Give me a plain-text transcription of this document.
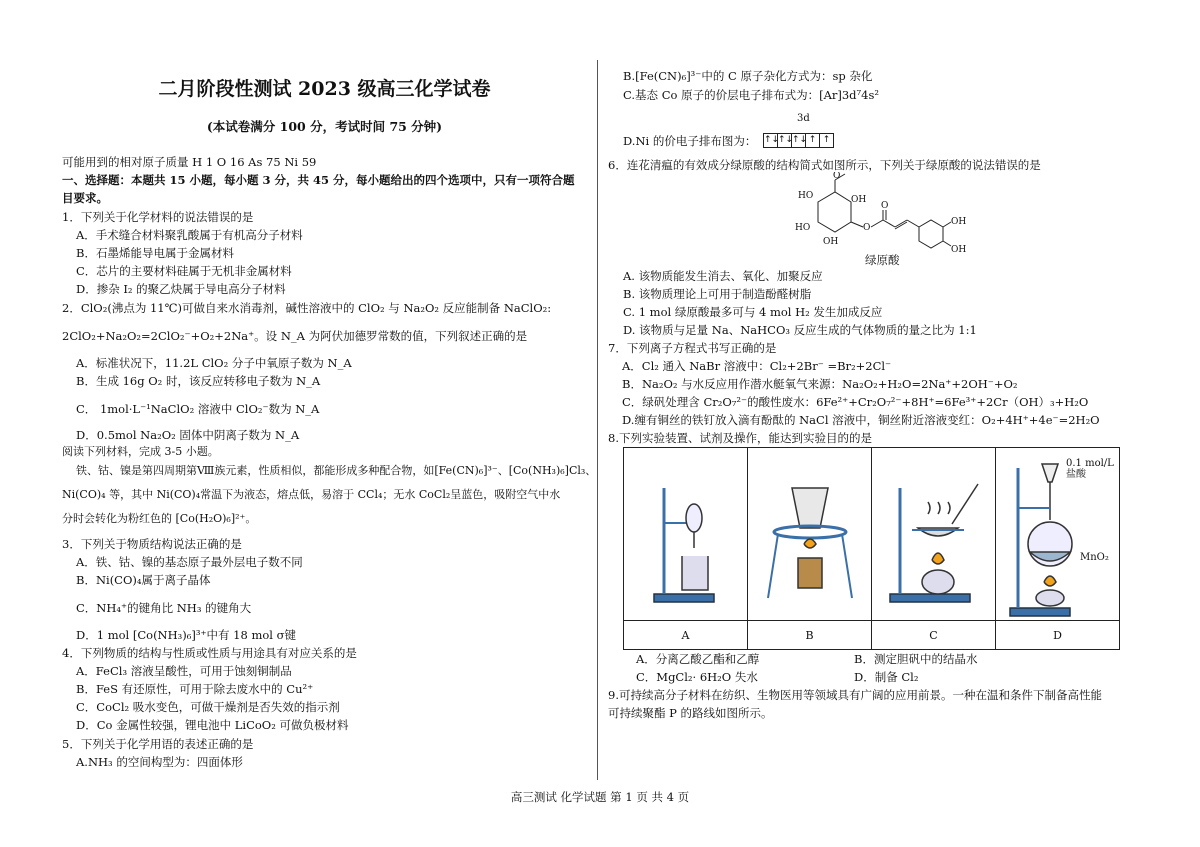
二月阶段性测试 2023 级高三化学试卷
(本试卷满分 100 分，考试时间 75 分钟)
可能用到的相对原子质量 H 1 O 16 As 75 Ni 59
一、选择题：本题共 15 小题，每小题 3 分，共 45 分，每小题给出的四个选项中，只有一项符合题
目要求。
1．下列关于化学材料的说法错误的是
A．手术缝合材料聚乳酸属于有机高分子材料
B．石墨烯能导电属于金属材料
C．芯片的主要材料硅属于无机非金属材料
D．掺杂 I₂ 的聚乙炔属于导电高分子材料
2．ClO₂(沸点为 11℃)可做自来水消毒剂，碱性溶液中的 ClO₂ 与 Na₂O₂ 反应能制备 NaClO₂:
2ClO₂+Na₂O₂=2ClO₂⁻+O₂+2Na⁺。设 N_A 为阿伏加德罗常数的值，下列叙述正确的是
A．标准状况下，11.2L ClO₂ 分子中氧原子数为 N_A
B．生成 16g O₂ 时，该反应转移电子数为 N_A
C． 1mol·L⁻¹NaClO₂ 溶液中 ClO₂⁻数为 N_A
D．0.5mol Na₂O₂ 固体中阴离子数为 N_A
阅读下列材料，完成 3-5 小题。
铁、钴、镍是第四周期第Ⅷ族元素，性质相似，都能形成多种配合物，如[Fe(CN)₆]³⁻、[Co(NH₃)₆]Cl₃、
Ni(CO)₄ 等，其中 Ni(CO)₄常温下为液态，熔点低，易溶于 CCl₄；无水 CoCl₂呈蓝色，吸附空气中水
分时会转化为粉红色的 [Co(H₂O)₆]²⁺。
3．下列关于物质结构说法正确的是
A．铁、钴、镍的基态原子最外层电子数不同
B．Ni(CO)₄属于离子晶体
C．NH₄⁺的键角比 NH₃ 的键角大
D．1 mol [Co(NH₃)₆]³⁺中有 18 mol σ键
4．下列物质的结构与性质或性质与用途具有对应关系的是
A．FeCl₃ 溶液呈酸性，可用于蚀刻铜制品
B．FeS 有还原性，可用于除去废水中的 Cu²⁺
C．CoCl₂ 吸水变色，可做干燥剂是否失效的指示剂
D．Co 金属性较强，锂电池中 LiCoO₂ 可做负极材料
5．下列关于化学用语的表述正确的是
A.NH₃ 的空间构型为：四面体形
B.[Fe(CN)₆]³⁻中的 C 原子杂化方式为：sp 杂化
C.基态 Co 原子的价层电子排布式为：[Ar]3d⁷4s²
D.Ni 的价电子排布图为：
3d
↑↓↑↓↑↓ ↑ ↑
6．连花清瘟的有效成分绿原酸的结构简式如图所示，下列关于绿原酸的说法错误的是
HO
O
OH
HO
OH
O
O
OH
OH
绿原酸
A. 该物质能发生消去、氧化、加聚反应
B. 该物质理论上可用于制造酚醛树脂
C. 1 mol 绿原酸最多可与 4 mol H₂ 发生加成反应
D. 该物质与足量 Na、NaHCO₃ 反应生成的气体物质的量之比为 1:1
7．下列离子方程式书写正确的是
A．Cl₂ 通入 NaBr 溶液中：Cl₂+2Br⁻ =Br₂+2Cl⁻
B．Na₂O₂ 与水反应用作潜水艇氧气来源：Na₂O₂+H₂O=2Na⁺+2OH⁻+O₂
C．绿矾处理含 Cr₂O₇²⁻的酸性废水：6Fe²⁺+Cr₂O₇²⁻+8H⁺=6Fe³⁺+2Cr（OH）₃+H₂O
D.缠有铜丝的铁钉放入滴有酚酞的 NaCl 溶液中，铜丝附近溶液变红：O₂+4H⁺+4e⁻=2H₂O
8.下列实验装置、试剂及操作，能达到实验目的的是

0.1 mol/L
盐酸
MnO₂

A	B	C	D
A．分离乙酸乙酯和乙醇	B．测定胆矾中的结晶水
C．MgCl₂· 6H₂O 失水	D．制备 Cl₂
9.可持续高分子材料在纺织、生物医用等领域具有广阔的应用前景。一种在温和条件下制备高性能
可持续聚酯 P 的路线如图所示。
高三测试 化学试题 第 1 页 共 4 页
